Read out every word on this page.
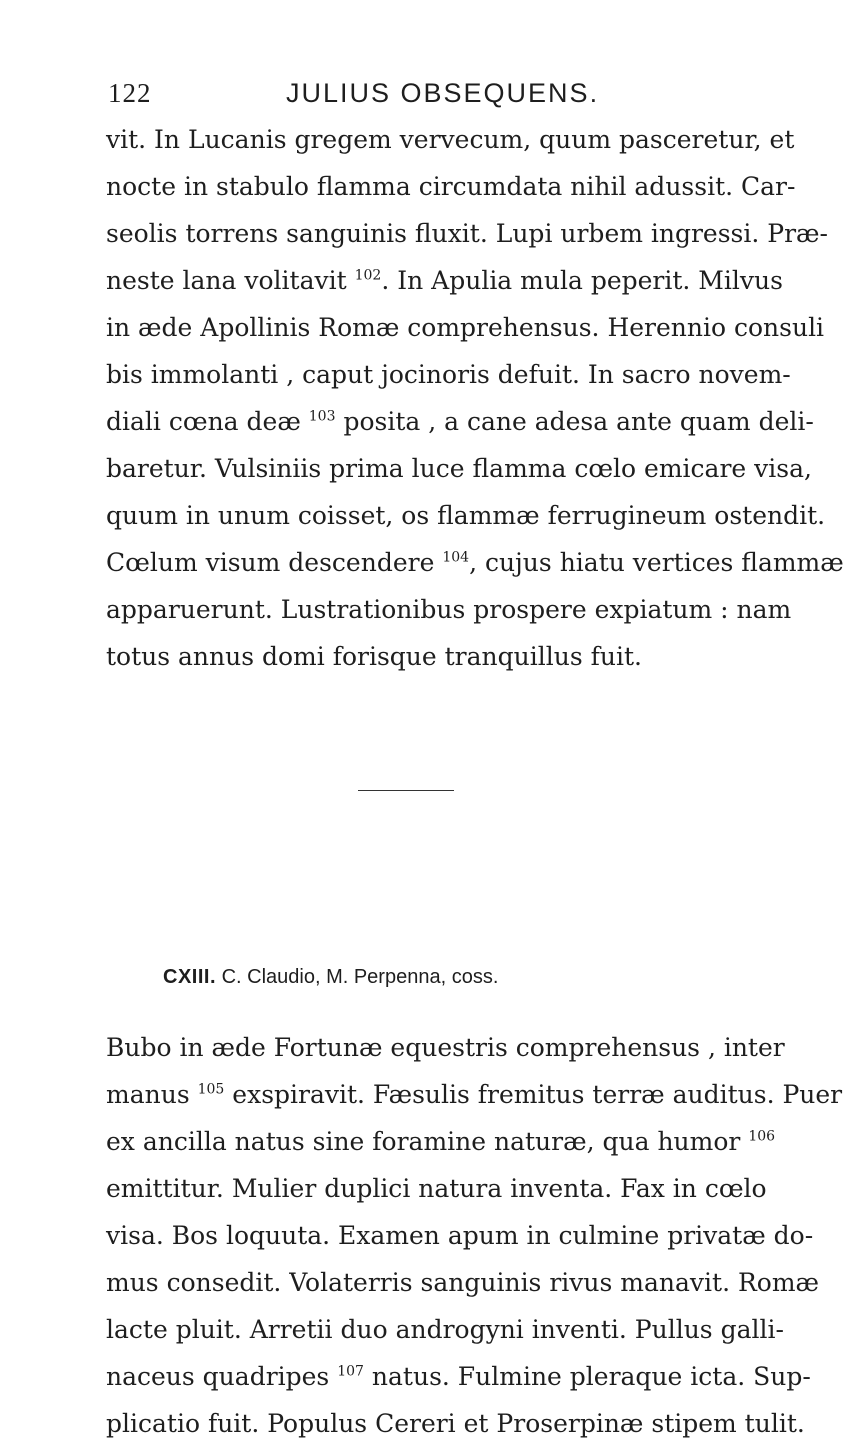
122	JULIUS OBSEQUENS.
vit. In Lucanis gregem vervecum, quum pasceretur, et
nocte in stabulo flamma circumdata nihil adussit. Car-
seolis torrens sanguinis fluxit. Lupi urbem ingressi. Præ-
neste lana volitavit $^{102}$. In Apulia mula peperit. Milvus
in æde Apollinis Romæ comprehensus. Herennio consuli
bis immolanti , caput jocinoris defuit. In sacro novem-
diali cœna deæ $^{103}$ posita , a cane adesa ante quam deli-
baretur. Vulsiniis prima luce flamma cœlo emicare visa,
quum in unum coisset, os flammæ ferrugineum ostendit.
Cœlum visum descendere $^{104}$, cujus hiatu vertices flammæ
apparuerunt. Lustrationibus prospere expiatum : nam
totus annus domi forisque tranquillus fuit.
CXIII. C. Claudio, M. Perpenna, coss.
Bubo in æde Fortunæ equestris comprehensus , inter
manus $^{105}$ exspiravit. Fæsulis fremitus terræ auditus. Puer
ex ancilla natus sine foramine naturæ, qua humor $^{106}$
emittitur. Mulier duplici natura inventa. Fax in cœlo
visa. Bos loquuta. Examen apum in culmine privatæ do-
mus consedit. Volaterris sanguinis rivus manavit. Romæ
lacte pluit. Arretii duo androgyni inventi. Pullus galli-
naceus quadripes $^{107}$ natus. Fulmine pleraque icta. Sup-
plicatio fuit. Populus Cereri et Proserpinæ stipem tulit.
